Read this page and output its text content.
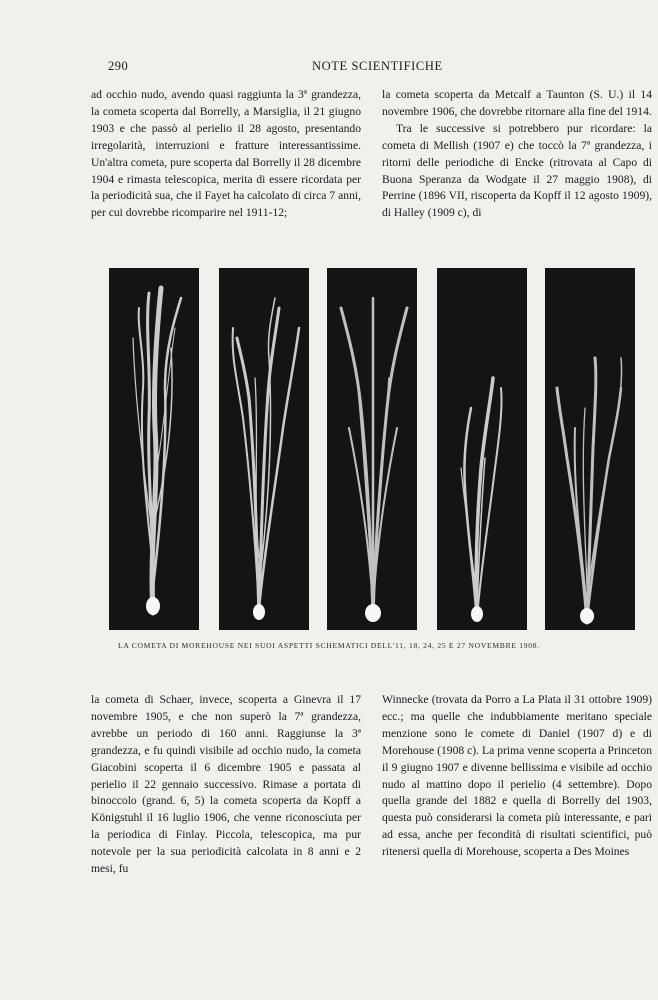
290	NOTE SCIENTIFICHE

ad occhio nudo, avendo quasi raggiunta la 3ª grandezza, la cometa scoperta dal Borrelly, a Marsiglia, il 21 giugno 1903 e che passò al perielio il 28 agosto, presentando irregolarità, interruzioni e fratture interessantissime. Un'altra cometa, pure scoperta dal Borrelly il 28 dicembre 1904 e rimasta telescopica, merita di essere ricordata per la periodicità sua, che il Fayet ha calcolato di circa 7 anni, per cui dovrebbe ricomparire nel 1911-12;

la cometa scoperta da Metcalf a Taunton (S. U.) il 14 novembre 1906, che dovrebbe ritornare alla fine del 1914.

Tra le successive si potrebbero pur ricordare: la cometa di Mellish (1907 e) che toccò la 7ª grandezza, i ritorni delle periodiche di Encke (ritrovata al Capo di Buona Speranza da Wodgate il 27 maggio 1908), di Perrine (1896 VII, riscoperta da Kopff il 12 agosto 1909), di Halley (1909 c), di

LA COMETA DI MOREHOUSE NEI SUOI ASPETTI SCHEMATICI DELL'11, 18, 24, 25 E 27 NOVEMBRE 1908.

la cometa di Schaer, invece, scoperta a Ginevra il 17 novembre 1905, e che non superò la 7ª grandezza, avrebbe un periodo di 160 anni. Raggiunse la 3ª grandezza, e fu quindi visibile ad occhio nudo, la cometa Giacobini scoperta il 6 dicembre 1905 e passata al perielio il 22 gennaio successivo. Rimase a portata di binoccolo (grand. 6, 5) la cometa scoperta da Kopff a Königstuhl il 16 luglio 1906, che venne riconosciuta per la periodica di Finlay. Piccola, telescopica, ma pur notevole per la sua periodicità calcolata in 8 anni e 2 mesi, fu

Winnecke (trovata da Porro a La Plata il 31 ottobre 1909) ecc.; ma quelle che indubbiamente meritano speciale menzione sono le comete di Daniel (1907 d) e di Morehouse (1908 c). La prima venne scoperta a Princeton il 9 giugno 1907 e divenne bellissima e visibile ad occhio nudo al mattino dopo il perielio (4 settembre). Dopo quella grande del 1882 e quella di Borrelly del 1903, questa può considerarsi la cometa più interessante, e pari ad essa, anche per fecondità di risultati scientifici, può ritenersi quella di Morehouse, scoperta a Des Moines
